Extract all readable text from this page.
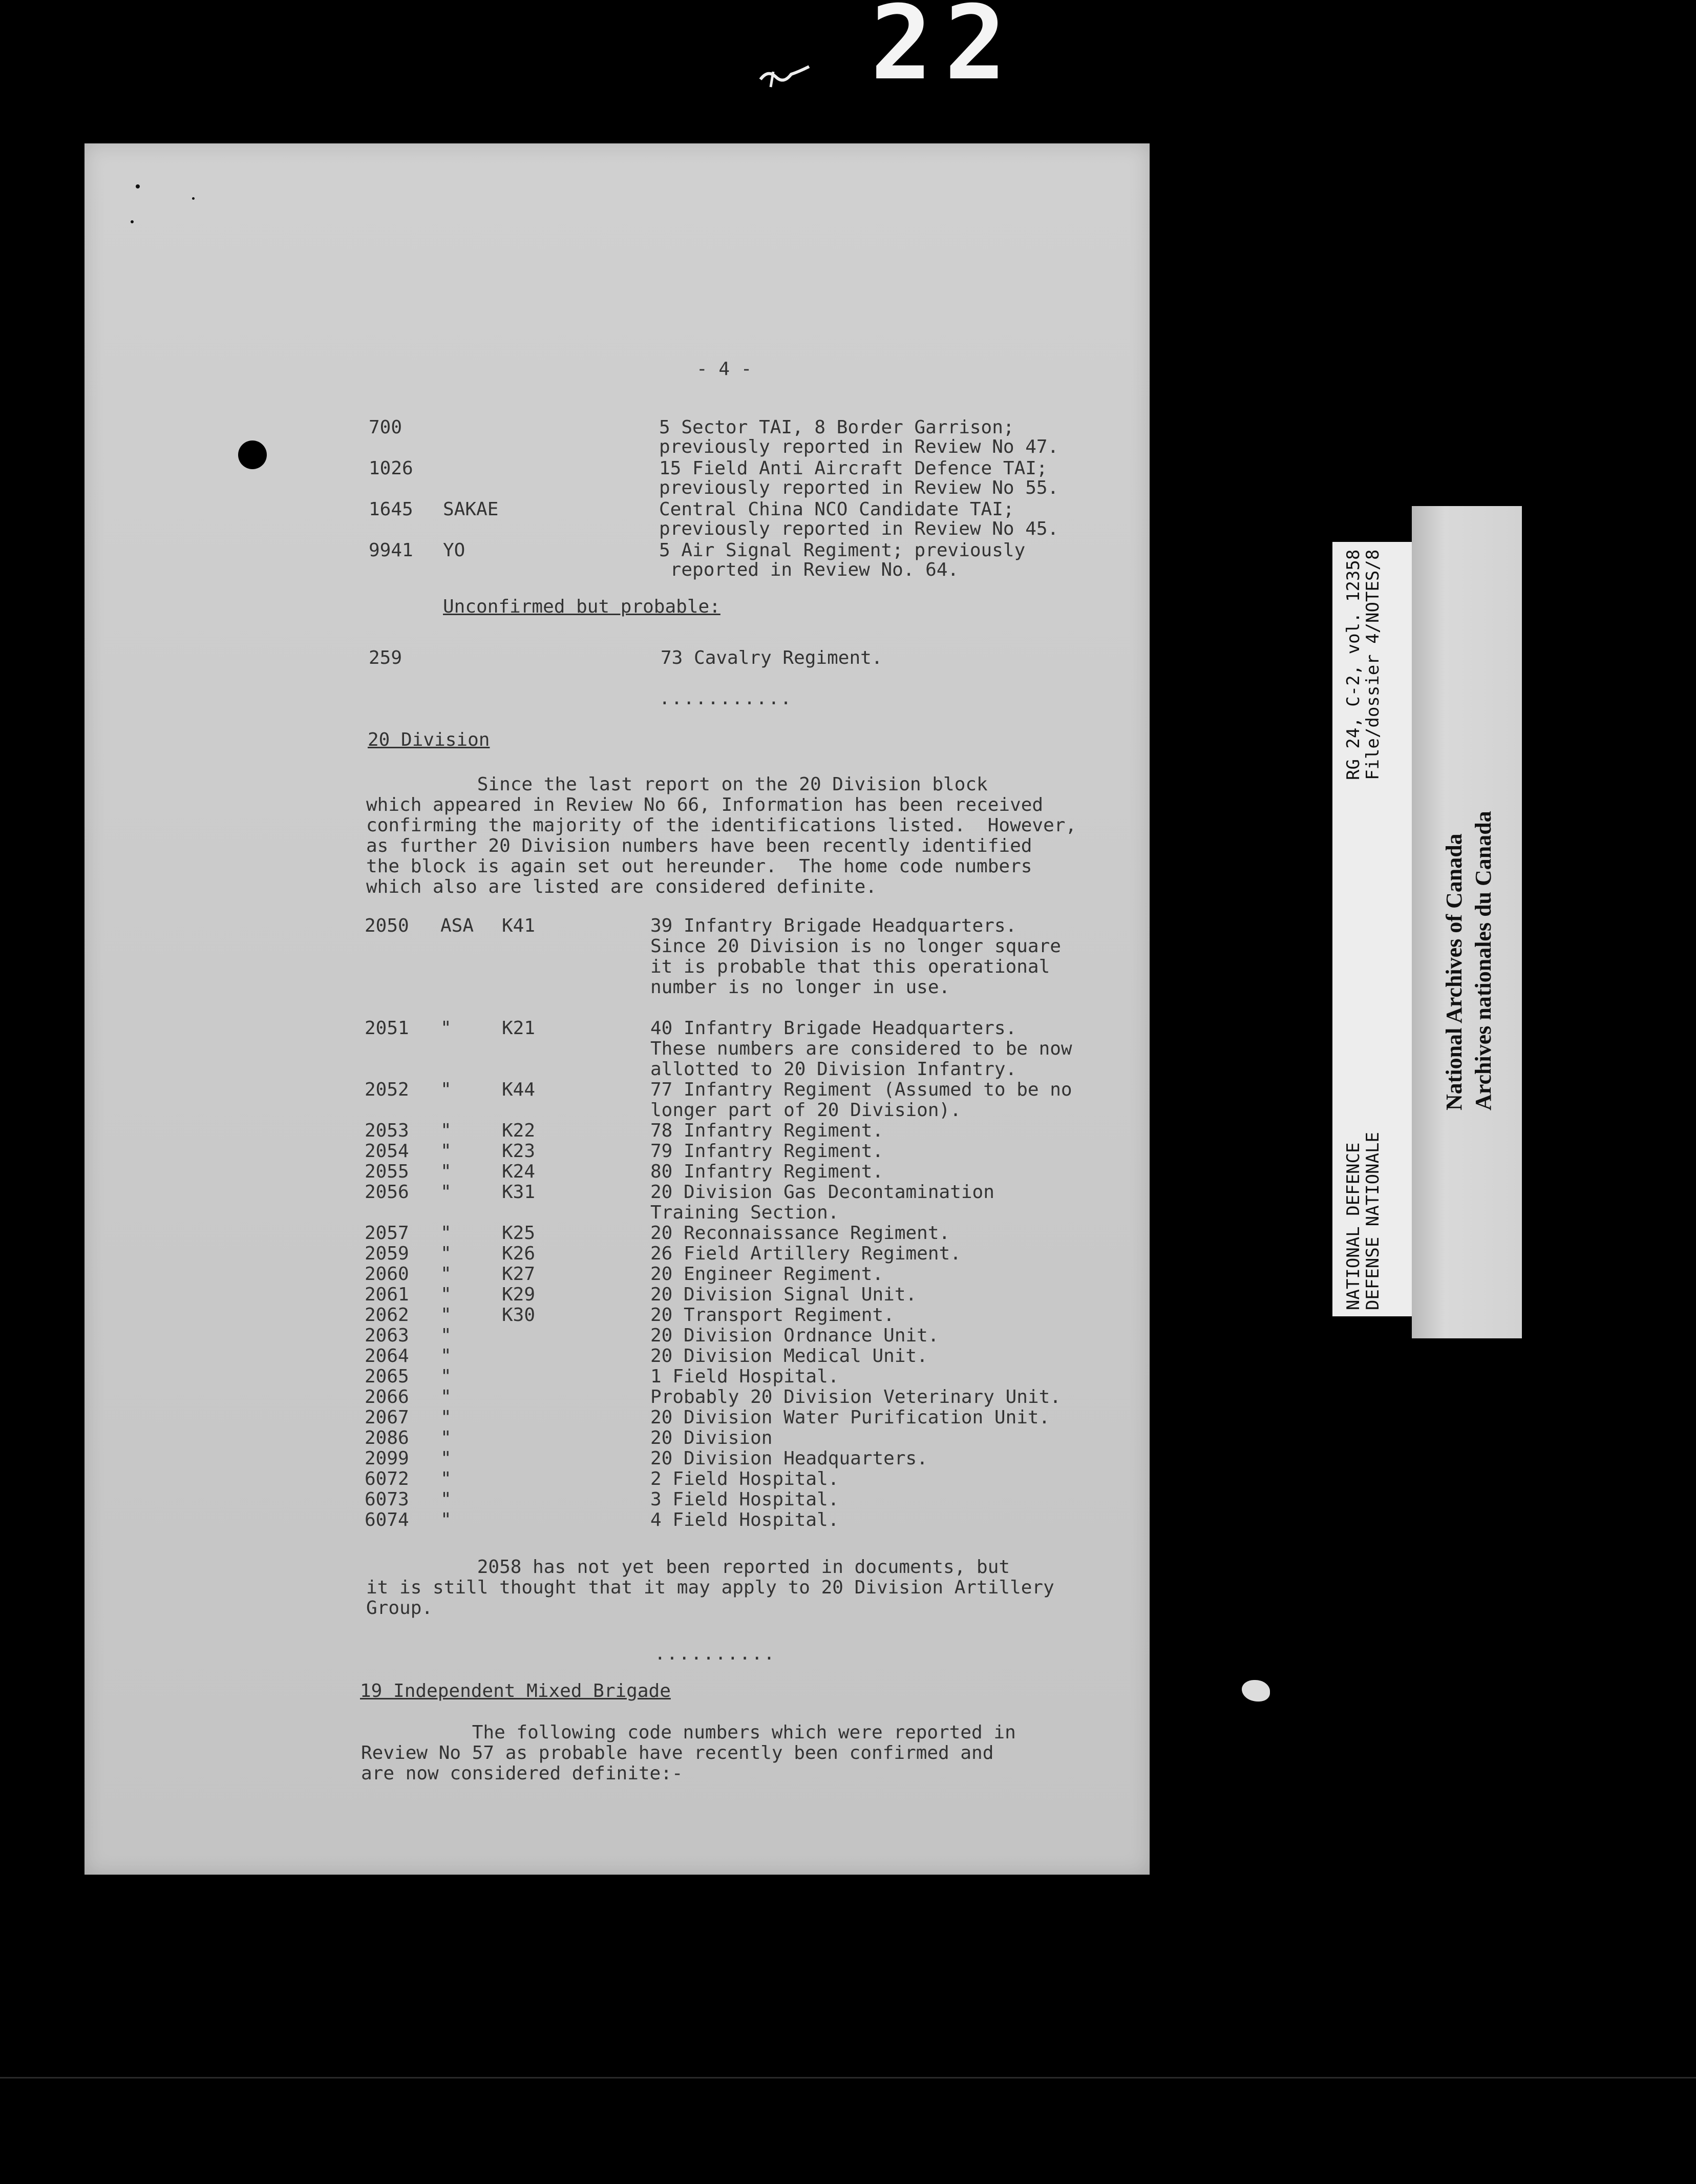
22
- 4 -
700	5 Sector TAI, 8 Border Garrison;
previously reported in Review No 47.
1026	15 Field Anti Aircraft Defence TAI;
previously reported in Review No 55.
1645 SAKAE	Central China NCO Candidate TAI;
previously reported in Review No 45.
9941 YO	5 Air Signal Regiment; previously
reported in Review No. 64.
Unconfirmed but probable:
259	73 Cavalry Regiment.
...........
20 Division
Since the last report on the 20 Division block
which appeared in Review No 66, Information has been received
confirming the majority of the identifications listed.  However,
as further 20 Division numbers have been recently identified
the block is again set out hereunder.  The home code numbers
which also are listed are considered definite.
2050 ASA K41	39 Infantry Brigade Headquarters.
Since 20 Division is no longer square
it is probable that this operational
number is no longer in use.
2051 "	K21	40 Infantry Brigade Headquarters.
These numbers are considered to be now
allotted to 20 Division Infantry.
2052 "	K44	77 Infantry Regiment (Assumed to be no
longer part of 20 Division).
2053 "	K22	78 Infantry Regiment.
2054 "	K23	79 Infantry Regiment.
2055 "	K24	80 Infantry Regiment.
2056 "	K31	20 Division Gas Decontamination
Training Section.
2057 "	K25	20 Reconnaissance Regiment.
2059 "	K26	26 Field Artillery Regiment.
2060 "	K27	20 Engineer Regiment.
2061 "	K29	20 Division Signal Unit.
2062 "	K30	20 Transport Regiment.
2063 "	20 Division Ordnance Unit.
2064 "	20 Division Medical Unit.
2065 "	1 Field Hospital.
2066 "	Probably 20 Division Veterinary Unit.
2067 "	20 Division Water Purification Unit.
2086 "	20 Division
2099 "	20 Division Headquarters.
6072 "	2 Field Hospital.
6073 "	3 Field Hospital.
6074 "	4 Field Hospital.
2058 has not yet been reported in documents, but
it is still thought that it may apply to 20 Division Artillery
Group.
..........
19 Independent Mixed Brigade
The following code numbers which were reported in
Review No 57 as probable have recently been confirmed and
are now considered definite:-
RG 24, C-2, vol. 12358
File/dossier 4/NOTES/8
NATIONAL DEFENCE
DEFENSE NATIONALE
National Archives of Canada Archives nationales du Canada
